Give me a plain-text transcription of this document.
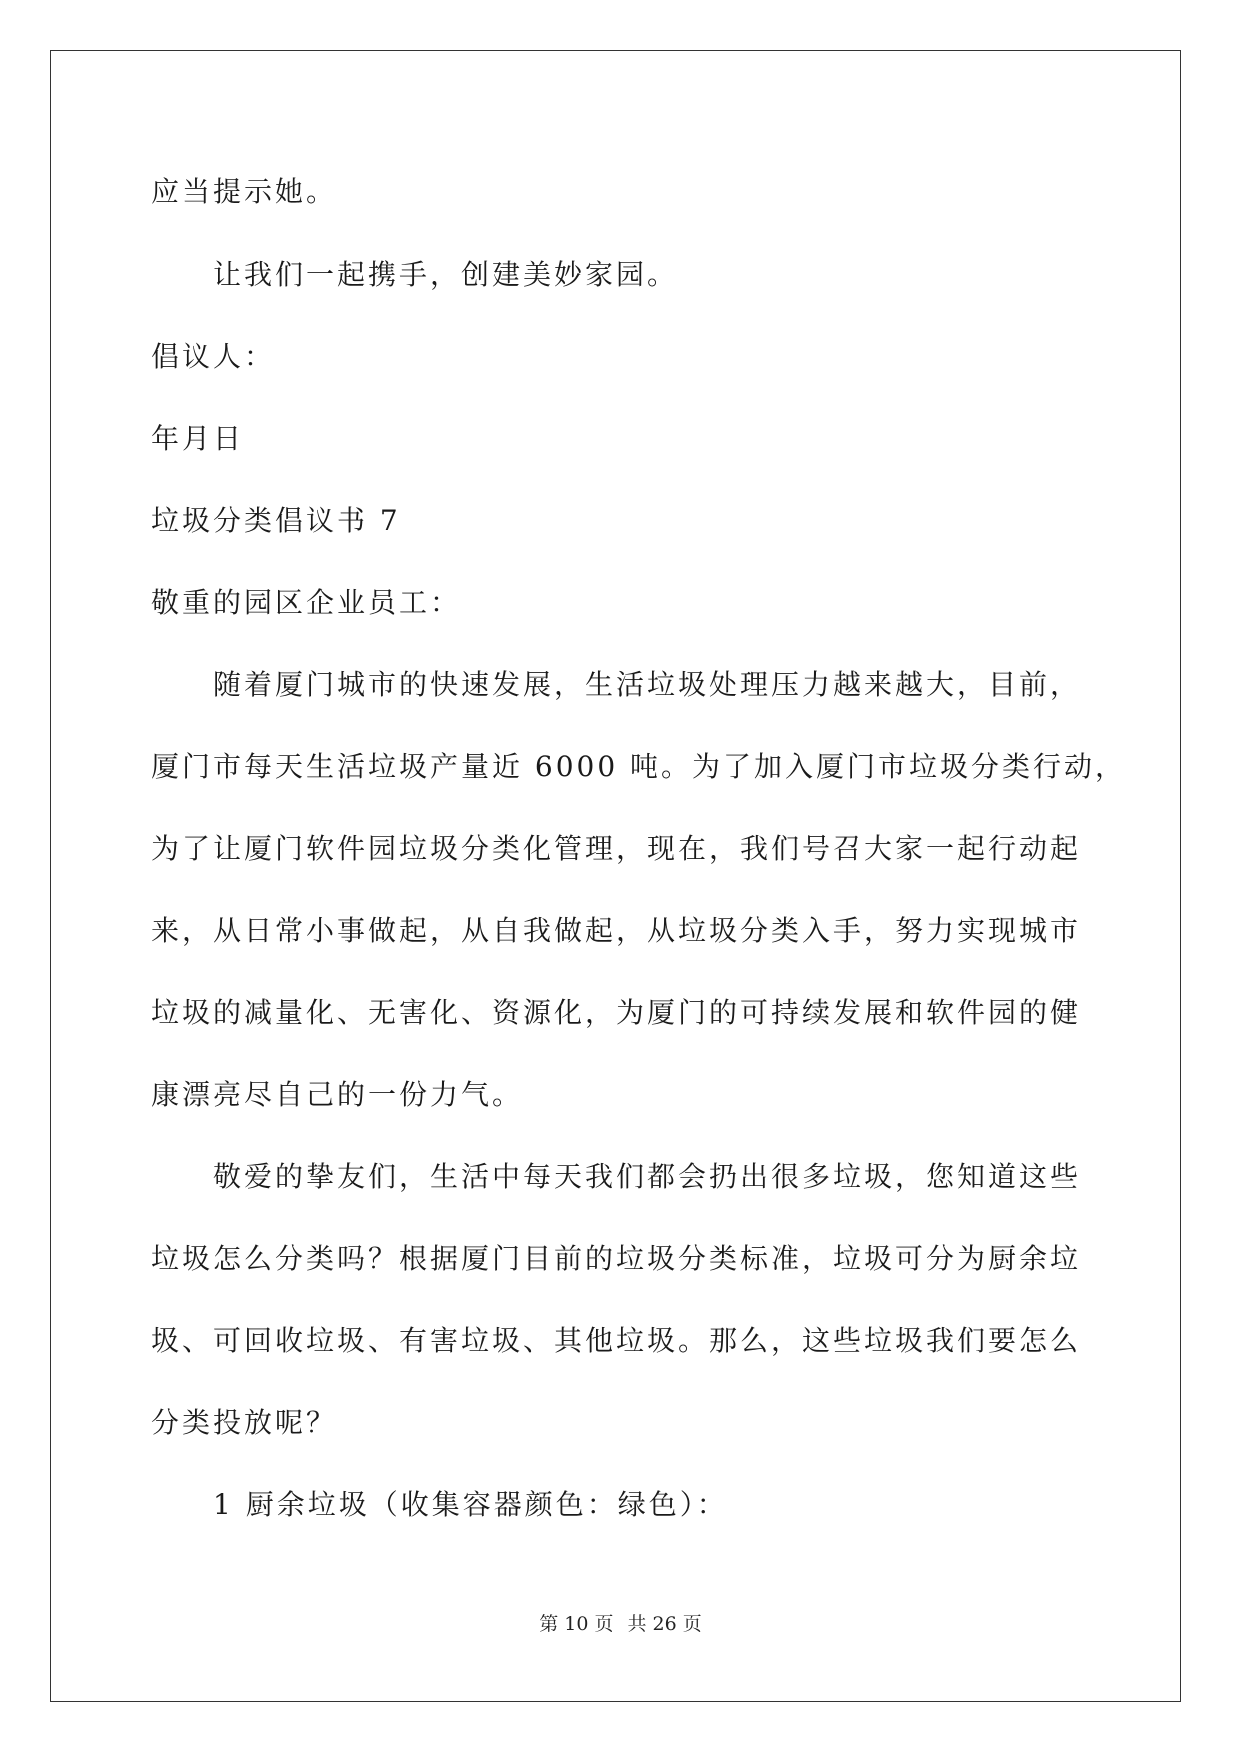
应当提示她。
让我们一起携手，创建美妙家园。
倡议人：
年月日
垃圾分类倡议书 7
敬重的园区企业员工：
随着厦门城市的快速发展，生活垃圾处理压力越来越大，目前，
厦门市每天生活垃圾产量近 6000 吨。为了加入厦门市垃圾分类行动，
为了让厦门软件园垃圾分类化管理，现在，我们号召大家一起行动起
来，从日常小事做起，从自我做起，从垃圾分类入手，努力实现城市
垃圾的减量化、无害化、资源化，为厦门的可持续发展和软件园的健
康漂亮尽自己的一份力气。
敬爱的挚友们，生活中每天我们都会扔出很多垃圾，您知道这些
垃圾怎么分类吗？根据厦门目前的垃圾分类标准，垃圾可分为厨余垃
圾、可回收垃圾、有害垃圾、其他垃圾。那么，这些垃圾我们要怎么
分类投放呢？
1 厨余垃圾（收集容器颜色：绿色）：
第 10 页 共 26 页
